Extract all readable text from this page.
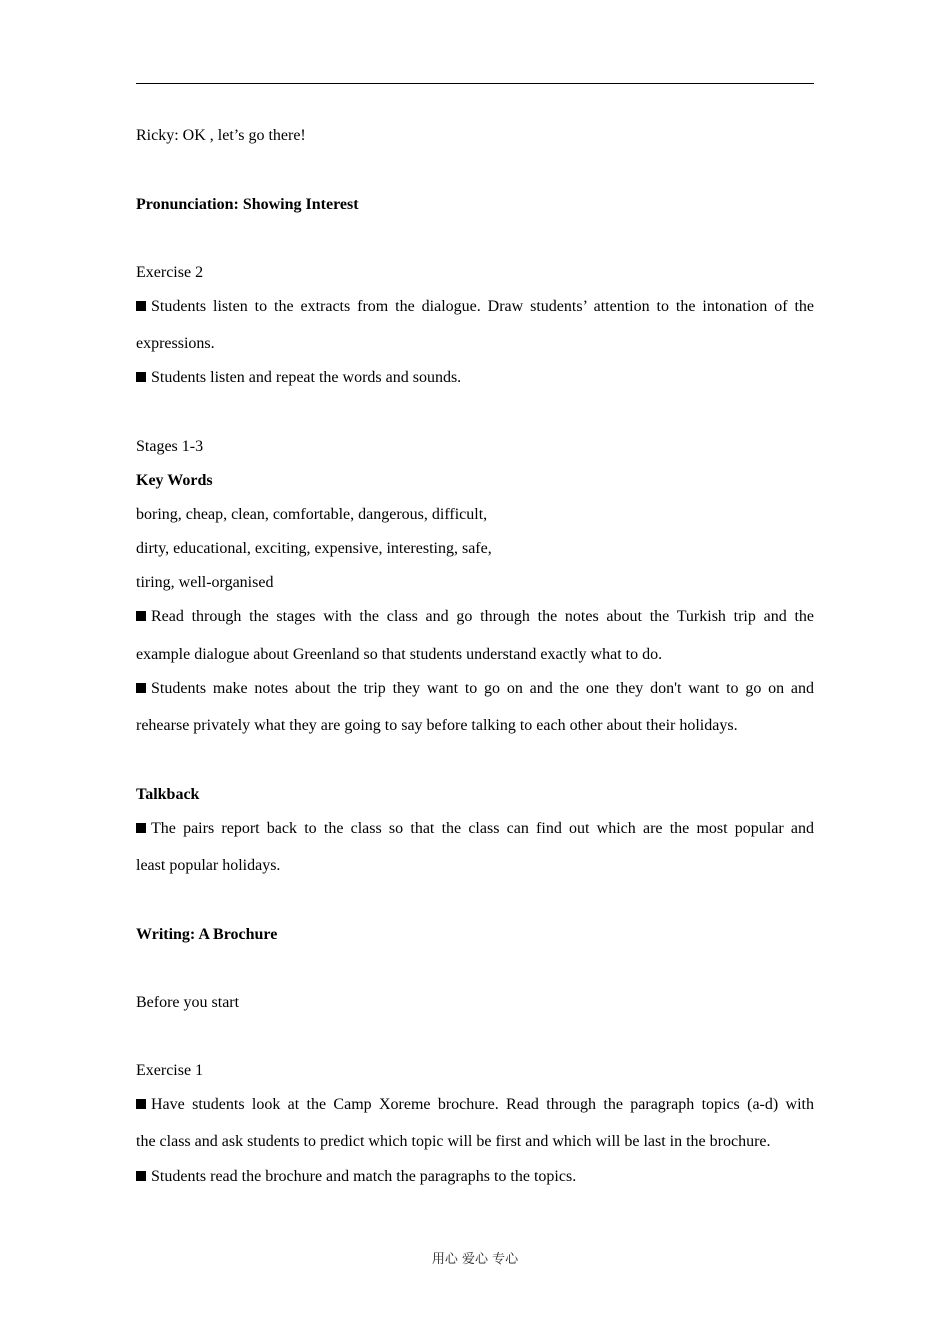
Ricky: OK , let’s go there!
Pronunciation: Showing Interest
Exercise 2
Students listen to the extracts from the dialogue. Draw students’ attention to the intonation of the
expressions.
Students listen and repeat the words and sounds.
Stages 1-3
Key Words
boring, cheap, clean, comfortable, dangerous, difficult,
dirty, educational, exciting, expensive, interesting, safe,
tiring, well-organised
Read through the stages with the class and go through the notes about the Turkish trip and the
example dialogue about Greenland so that students understand exactly what to do.
Students make notes about the trip they want to go on and the one they don't want to go on and
rehearse privately what they are going to say before talking to each other about their holidays.
Talkback
The pairs report back to the class so that the class can find out which are the most popular and
least popular holidays.
Writing: A Brochure
Before you start
Exercise 1
Have students look at the Camp Xoreme brochure. Read through the paragraph topics (a-d) with
the class and ask students to predict which topic will be first and which will be last in the brochure.
Students read the brochure and match the paragraphs to the topics.
用心 爱心 专心
